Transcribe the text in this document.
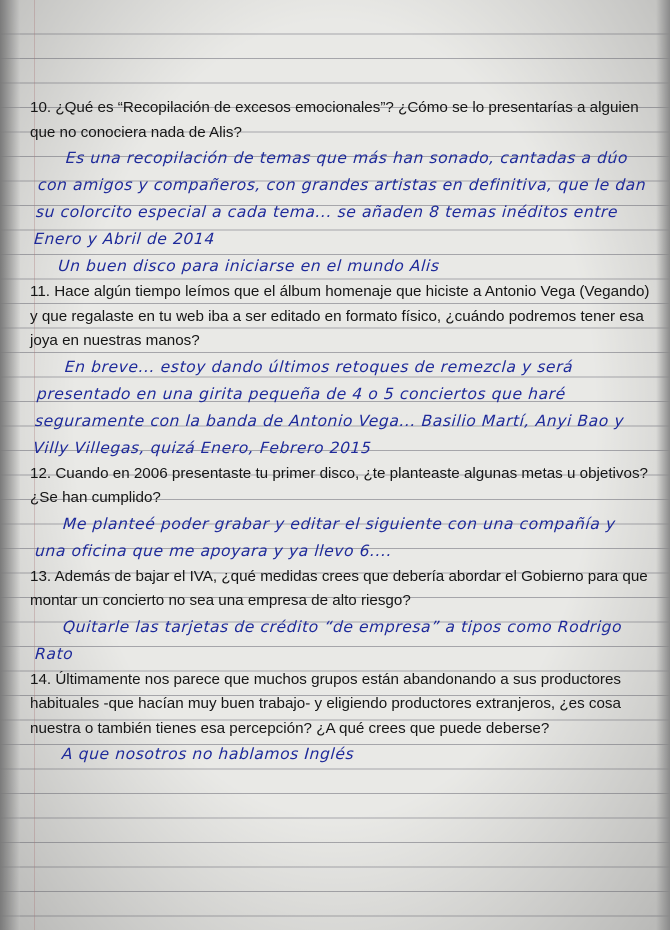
10. ¿Qué es “Recopilación de excesos emocionales”? ¿Cómo se lo presentarías a alguien que no conociera nada de Alis?

Es una recopilación de temas que más han sonado, cantadas a dúo con amigos y compañeros, con grandes artistas en definitiva, que le dan su colorcito especial a cada tema... se añaden 8 temas inéditos entre Enero y Abril de 2014
Un buen disco para iniciarse en el mundo Alis

11. Hace algún tiempo leímos que el álbum homenaje que hiciste a Antonio Vega (Vegando) y que regalaste en tu web iba a ser editado en formato físico, ¿cuándo podremos tener esa joya en nuestras manos?

En breve... estoy dando últimos retoques de remezcla y será presentado en una girita pequeña de 4 o 5 conciertos que haré seguramente con la banda de Antonio Vega... Basilio Martí, Anyi Bao y Villy Villegas, quizá Enero, Febrero 2015

12. Cuando en 2006 presentaste tu primer disco, ¿te planteaste algunas metas u objetivos? ¿Se han cumplido?

Me planteé poder grabar y editar el siguiente con una compañía y una oficina que me apoyara y ya llevo 6....

13. Además de bajar el IVA, ¿qué medidas crees que debería abordar el Gobierno para que montar un concierto no sea una empresa de alto riesgo?

Quitarle las tarjetas de crédito “de empresa” a tipos como Rodrigo Rato

14. Últimamente nos parece que muchos grupos están abandonando a sus productores habituales -que hacían muy buen trabajo- y eligiendo productores extranjeros, ¿es cosa nuestra o también tienes esa percepción? ¿A qué crees que puede deberse?

A que nosotros no hablamos Inglés
